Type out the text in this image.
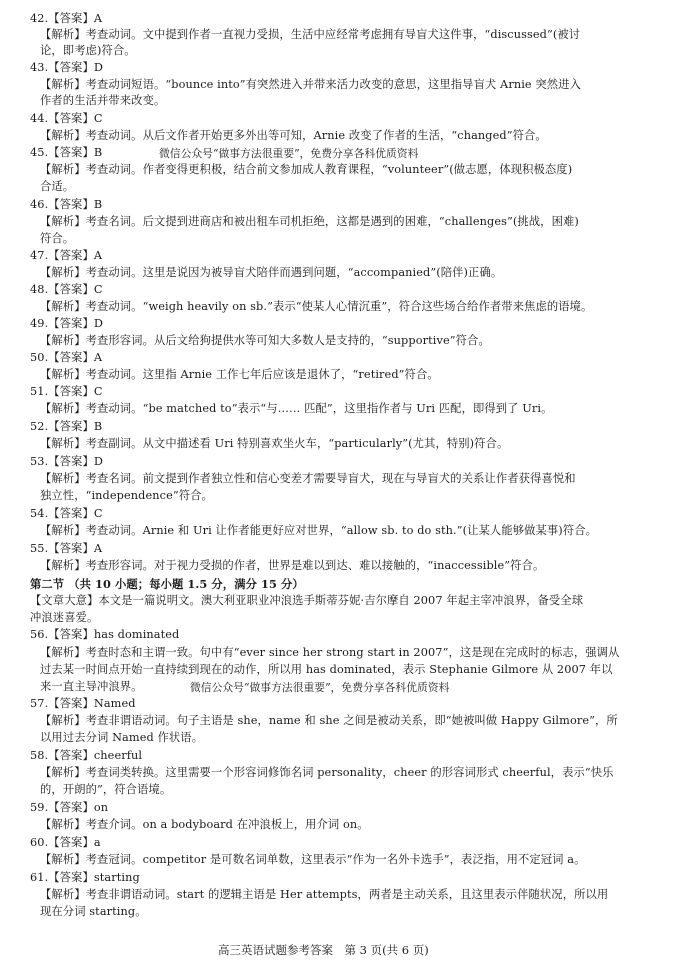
42.【答案】A
【解析】考查动词。文中提到作者一直视力受损，生活中应经常考虑拥有导盲犬这件事，“discussed”(被讨
论，即考虑)符合。
43.【答案】D
【解析】考查动词短语。“bounce into”有突然进入并带来活力改变的意思，这里指导盲犬 Arnie 突然进入
作者的生活并带来改变。
44.【答案】C
【解析】考查动词。从后文作者开始更多外出等可知，Arnie 改变了作者的生活，“changed”符合。
45.【答案】B
【解析】考查动词。作者变得更积极，结合前文参加成人教育课程，“volunteer”(做志愿，体现积极态度)
合适。
46.【答案】B
【解析】考查名词。后文提到进商店和被出租车司机拒绝，这都是遇到的困难，“challenges”(挑战，困难)
符合。
47.【答案】A
【解析】考查动词。这里是说因为被导盲犬陪伴而遇到问题，“accompanied”(陪伴)正确。
48.【答案】C
【解析】考查动词。“weigh heavily on sb.”表示“使某人心情沉重”，符合这些场合给作者带来焦虑的语境。
49.【答案】D
【解析】考查形容词。从后文给狗提供水等可知大多数人是支持的，“supportive”符合。
50.【答案】A
【解析】考查动词。这里指 Arnie 工作七年后应该是退休了，“retired”符合。
51.【答案】C
【解析】考查动词。“be matched to”表示“与…… 匹配”，这里指作者与 Uri 匹配，即得到了 Uri。
52.【答案】B
【解析】考查副词。从文中描述看 Uri 特别喜欢坐火车，“particularly”(尤其，特别)符合。
53.【答案】D
【解析】考查名词。前文提到作者独立性和信心变差才需要导盲犬，现在与导盲犬的关系让作者获得喜悦和
独立性，“independence”符合。
54.【答案】C
【解析】考查动词。Arnie 和 Uri 让作者能更好应对世界，“allow sb. to do sth.”(让某人能够做某事)符合。
55.【答案】A
【解析】考查形容词。对于视力受损的作者，世界是难以到达、难以接触的，“inaccessible”符合。
第二节 （共 10 小题；每小题 1.5 分，满分 15 分）
【文章大意】本文是一篇说明文。澳大利亚职业冲浪选手斯蒂芬妮·吉尔摩自 2007 年起主宰冲浪界，备受全球
冲浪迷喜爱。
56.【答案】has dominated
【解析】考查时态和主谓一致。句中有“ever since her strong start in 2007”，这是现在完成时的标志，强调从
过去某一时间点开始一直持续到现在的动作，所以用 has dominated，表示 Stephanie Gilmore 从 2007 年以
来一直主导冲浪界。
57.【答案】Named
【解析】考查非谓语动词。句子主语是 she，name 和 she 之间是被动关系，即“她被叫做 Happy Gilmore”，所
以用过去分词 Named 作状语。
58.【答案】cheerful
【解析】考查词类转换。这里需要一个形容词修饰名词 personality，cheer 的形容词形式 cheerful，表示“快乐
的，开朗的”，符合语境。
59.【答案】on
【解析】考查介词。on a bodyboard 在冲浪板上，用介词 on。
60.【答案】a
【解析】考查冠词。competitor 是可数名词单数，这里表示“作为一名外卡选手”，表泛指，用不定冠词 a。
61.【答案】starting
【解析】考查非谓语动词。start 的逻辑主语是 Her attempts，两者是主动关系，且这里表示伴随状况，所以用
现在分词 starting。
微信公众号“做事方法很重要”，免费分享各科优质资料
微信公众号“做事方法很重要”，免费分享各科优质资料
高三英语试题参考答案　第 3 页(共 6 页)
